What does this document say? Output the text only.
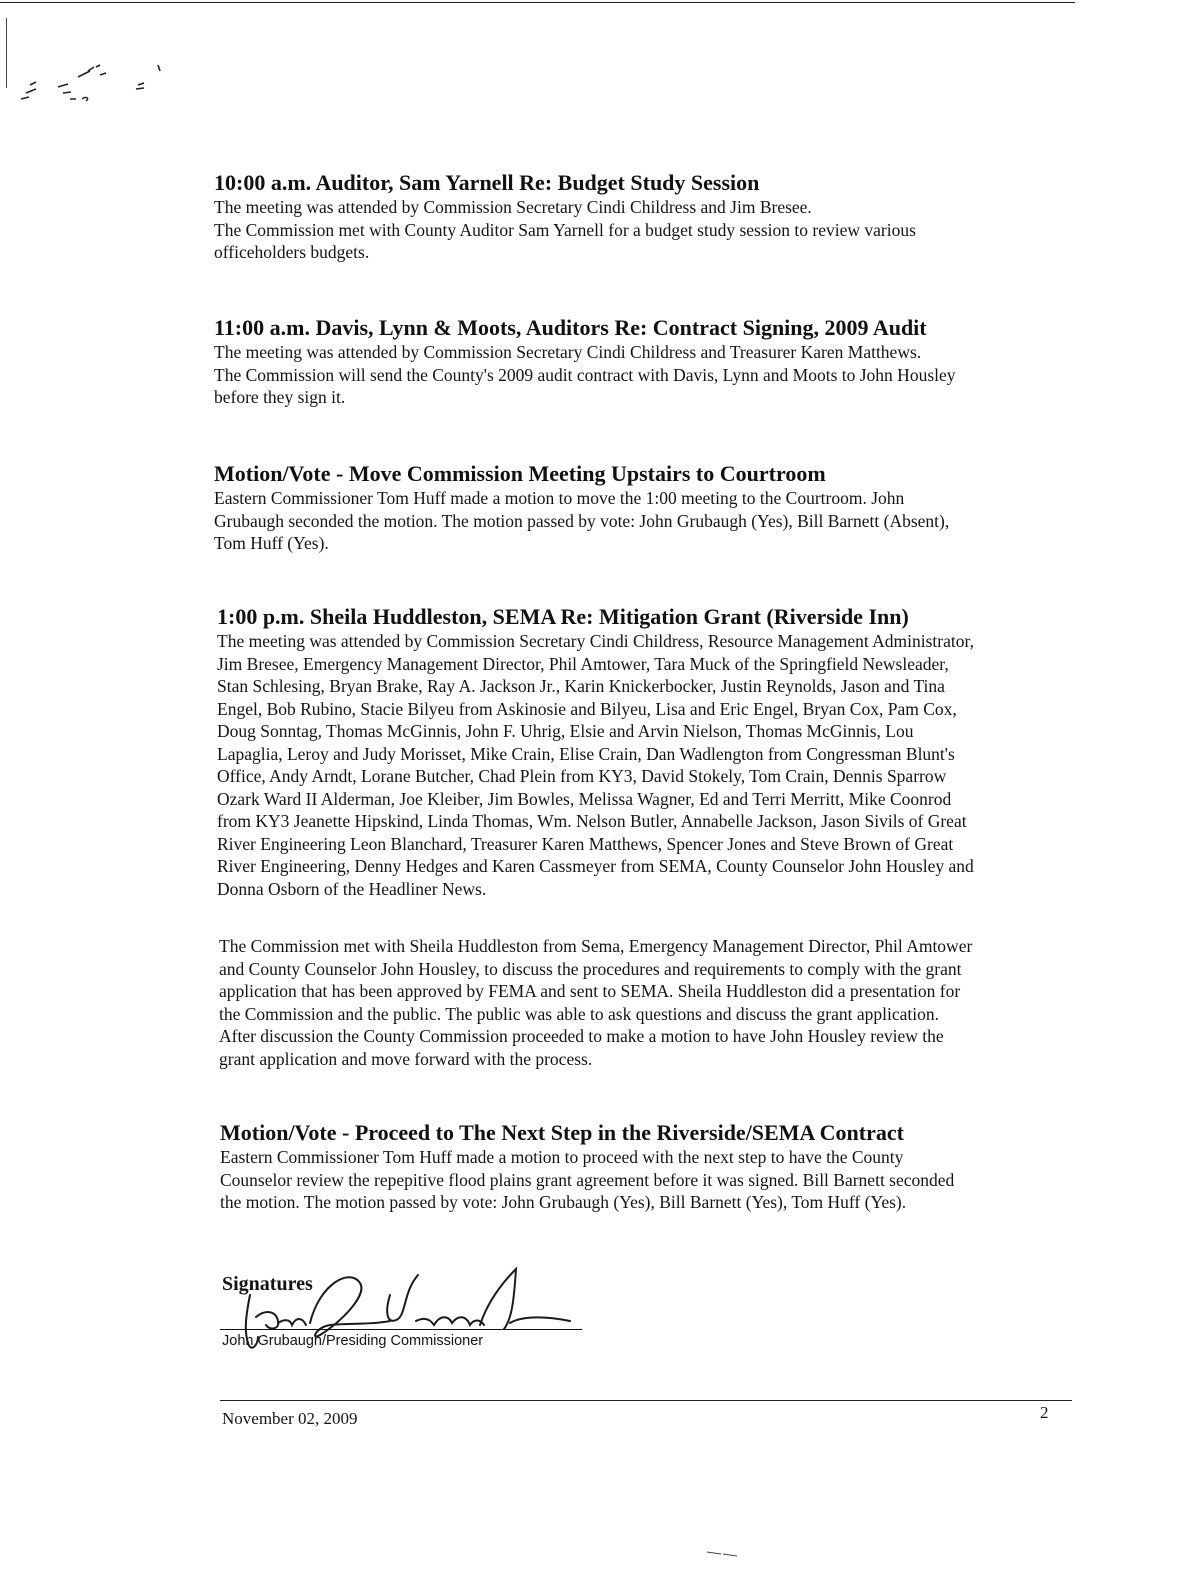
10:00 a.m. Auditor, Sam Yarnell Re: Budget Study Session

The meeting was attended by Commission Secretary Cindi Childress and Jim Bresee.

The Commission met with County Auditor Sam Yarnell for a budget study session to review various

officeholders budgets.

11:00 a.m. Davis, Lynn & Moots, Auditors Re: Contract Signing, 2009 Audit

The meeting was attended by Commission Secretary Cindi Childress and Treasurer Karen Matthews.

The Commission will send the County's 2009 audit contract with Davis, Lynn and Moots to John Housley

before they sign it.

Motion/Vote - Move Commission Meeting Upstairs to Courtroom

Eastern Commissioner Tom Huff made a motion to move the 1:00 meeting to the Courtroom. John

Grubaugh seconded the motion. The motion passed by vote: John Grubaugh (Yes), Bill Barnett (Absent),

Tom Huff (Yes).

1:00 p.m. Sheila Huddleston, SEMA Re: Mitigation Grant (Riverside Inn)

The meeting was attended by Commission Secretary Cindi Childress, Resource Management Administrator,

Jim Bresee, Emergency Management Director, Phil Amtower, Tara Muck of the Springfield Newsleader,

Stan Schlesing, Bryan Brake, Ray A. Jackson Jr., Karin Knickerbocker, Justin Reynolds, Jason and Tina

Engel, Bob Rubino, Stacie Bilyeu from Askinosie and Bilyeu, Lisa and Eric Engel, Bryan Cox, Pam Cox,

Doug Sonntag, Thomas McGinnis, John F. Uhrig, Elsie and Arvin Nielson, Thomas McGinnis, Lou

Lapaglia, Leroy and Judy Morisset, Mike Crain, Elise Crain, Dan Wadlengton from Congressman Blunt's

Office, Andy Arndt, Lorane Butcher, Chad Plein from KY3, David Stokely, Tom Crain, Dennis Sparrow

Ozark Ward II Alderman, Joe Kleiber, Jim Bowles, Melissa Wagner, Ed and Terri Merritt, Mike Coonrod

from KY3 Jeanette Hipskind, Linda Thomas, Wm. Nelson Butler, Annabelle Jackson, Jason Sivils of Great

River Engineering Leon Blanchard, Treasurer Karen Matthews, Spencer Jones and Steve Brown of Great

River Engineering, Denny Hedges and Karen Cassmeyer from SEMA, County Counselor John Housley and

Donna Osborn of the Headliner News.

The Commission met with Sheila Huddleston from Sema, Emergency Management Director, Phil Amtower

and County Counselor John Housley, to discuss the procedures and requirements to comply with the grant

application that has been approved by FEMA and sent to SEMA. Sheila Huddleston did a presentation for

the Commission and the public. The public was able to ask questions and discuss the grant application.

After discussion the County Commission proceeded to make a motion to have John Housley review the

grant application and move forward with the process.

Motion/Vote - Proceed to The Next Step in the Riverside/SEMA Contract

Eastern Commissioner Tom Huff made a motion to proceed with the next step to have the County

Counselor review the repepitive flood plains grant agreement before it was signed. Bill Barnett seconded

the motion. The motion passed by vote: John Grubaugh (Yes), Bill Barnett (Yes), Tom Huff (Yes).

Signatures
John Grubaugh/Presiding Commissioner
November 02, 2009	2
